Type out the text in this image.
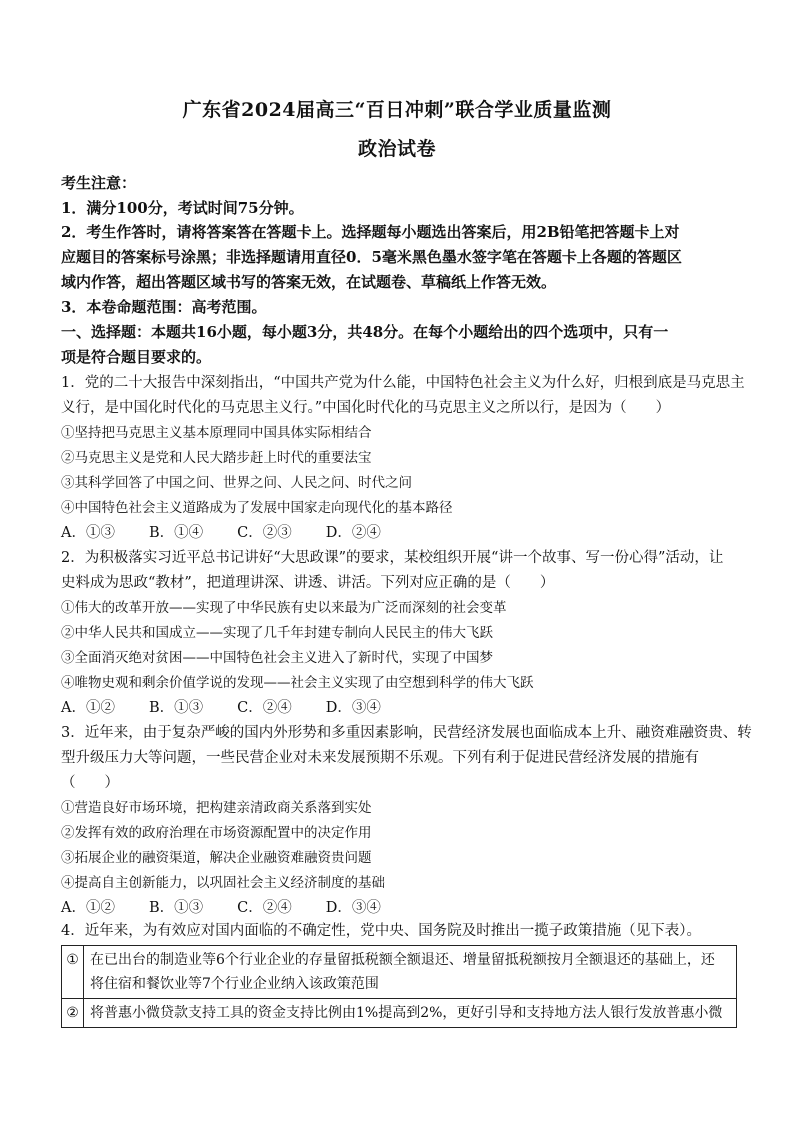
广东省2024届高三“百日冲刺”联合学业质量监测
政治试卷
考生注意：
1．满分100分，考试时间75分钟。
2．考生作答时，请将答案答在答题卡上。选择题每小题选出答案后，用2B铅笔把答题卡上对
应题目的答案标号涂黑；非选择题请用直径0．5毫米黑色墨水签字笔在答题卡上各题的答题区
域内作答，超出答题区域书写的答案无效，在试题卷、草稿纸上作答无效。
3．本卷命题范围：高考范围。
一、选择题：本题共16小题，每小题3分，共48分。在每个小题给出的四个选项中，只有一
项是符合题目要求的。
1．党的二十大报告中深刻指出，“中国共产党为什么能，中国特色社会主义为什么好，归根到底是马克思主
义行，是中国化时代化的马克思主义行。”中国化时代化的马克思主义之所以行，是因为（　　）
①坚持把马克思主义基本原理同中国具体实际相结合
②马克思主义是党和人民大踏步赶上时代的重要法宝
③其科学回答了中国之问、世界之问、人民之问、时代之问
④中国特色社会主义道路成为了发展中国家走向现代化的基本路径
A．①③ B．①④ C．②③ D．②④
2．为积极落实习近平总书记讲好“大思政课”的要求，某校组织开展“讲一个故事、写一份心得”活动，让
史料成为思政“教材”，把道理讲深、讲透、讲活。下列对应正确的是（　　）
①伟大的改革开放——实现了中华民族有史以来最为广泛而深刻的社会变革
②中华人民共和国成立——实现了几千年封建专制向人民民主的伟大飞跃
③全面消灭绝对贫困——中国特色社会主义进入了新时代，实现了中国梦
④唯物史观和剩余价值学说的发现——社会主义实现了由空想到科学的伟大飞跃
A．①② B．①③ C．②④ D．③④
3．近年来，由于复杂严峻的国内外形势和多重因素影响，民营经济发展也面临成本上升、融资难融资贵、转
型升级压力大等问题，一些民营企业对未来发展预期不乐观。下列有利于促进民营经济发展的措施有
（　　）
①营造良好市场环境，把构建亲清政商关系落到实处
②发挥有效的政府治理在市场资源配置中的决定作用
③拓展企业的融资渠道，解决企业融资难融资贵问题
④提高自主创新能力，以巩固社会主义经济制度的基础
A．①② B．①③ C．②④ D．③④
4．近年来，为有效应对国内面临的不确定性，党中央、国务院及时推出一揽子政策措施（见下表）。
①	在已出台的制造业等6个行业企业的存量留抵税额全额退还、增量留抵税额按月全额退还的基础上，还
将住宿和餐饮业等7个行业企业纳入该政策范围

②	将普惠小微贷款支持工具的资金支持比例由1%提高到2%，更好引导和支持地方法人银行发放普惠小微
